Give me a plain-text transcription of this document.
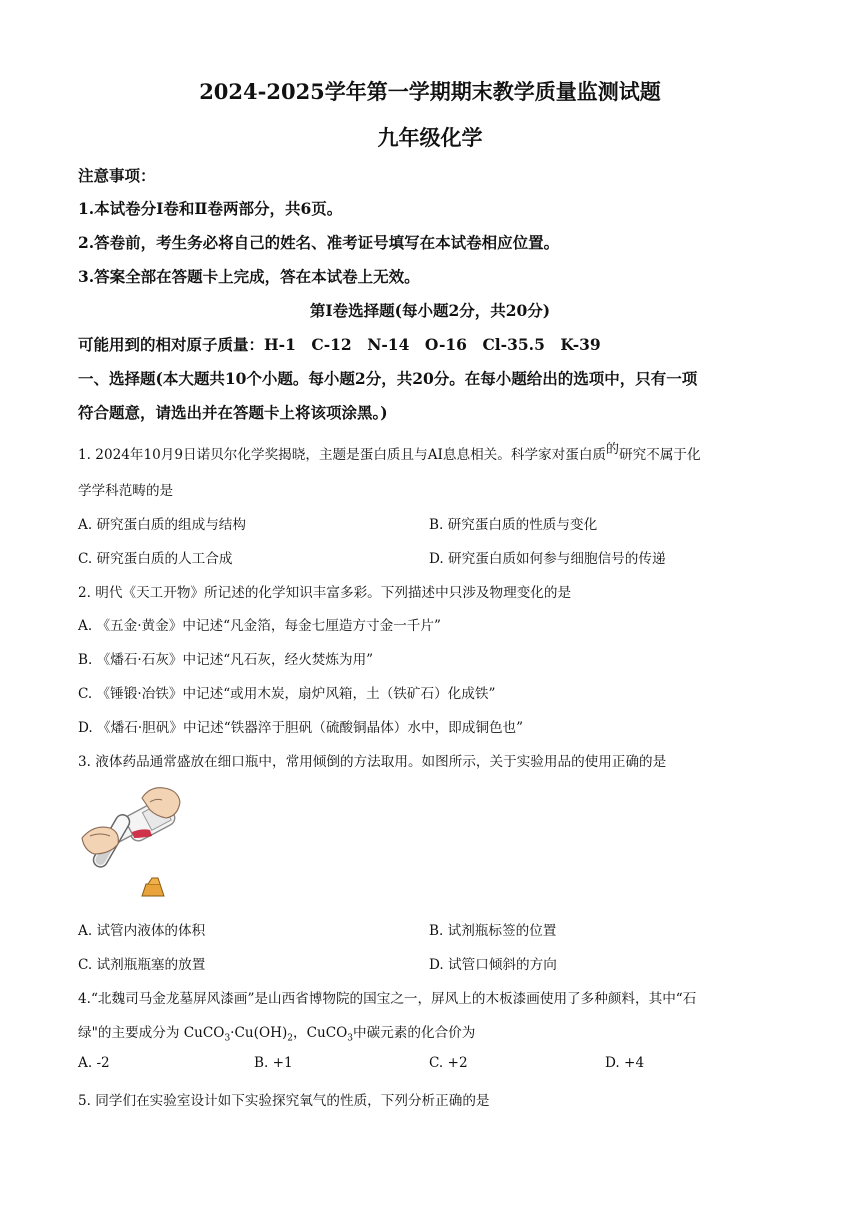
2024-2025学年第一学期期末教学质量监测试题
九年级化学
注意事项：
1.本试卷分Ⅰ卷和Ⅱ卷两部分，共6页。
2.答卷前，考生务必将自己的姓名、准考证号填写在本试卷相应位置。
3.答案全部在答题卡上完成，答在本试卷上无效。
第Ⅰ卷选择题(每小题2分，共20分)
可能用到的相对原子质量：H-1　C-12　N-14　O-16　Cl-35.5　K-39
一、选择题(本大题共10个小题。每小题2分，共20分。在每小题给出的选项中，只有一项
符合题意，请选出并在答题卡上将该项涂黑。)
1. 2024年10月9日诺贝尔化学奖揭晓，主题是蛋白质且与AI息息相关。科学家对蛋白质的研究不属于化
学学科范畴的是
A. 研究蛋白质的组成与结构	B. 研究蛋白质的性质与变化
C. 研究蛋白质的人工合成	D. 研究蛋白质如何参与细胞信号的传递
2. 明代《天工开物》所记述的化学知识丰富多彩。下列描述中只涉及物理变化的是
A. 《五金·黄金》中记述“凡金箔，每金七厘造方寸金一千片”
B. 《燔石·石灰》中记述“凡石灰，经火焚炼为用”
C. 《锤锻·冶铁》中记述“或用木炭，扇炉风箱，土（铁矿石）化成铁”
D. 《燔石·胆矾》中记述“铁器淬于胆矾（硫酸铜晶体）水中，即成铜色也”
3. 液体药品通常盛放在细口瓶中，常用倾倒的方法取用。如图所示，关于实验用品的使用正确的是
A. 试管内液体的体积	B. 试剂瓶标签的位置
C. 试剂瓶瓶塞的放置	D. 试管口倾斜的方向
4.“北魏司马金龙墓屏风漆画”是山西省博物院的国宝之一，屏风上的木板漆画使用了多种颜料，其中“石
绿"的主要成分为 $CuCO_3\cdot Cu(OH)_2$，CuCO$_3$中碳元素的化合价为
A. -2	B. +1	C. +2	D. +4
5. 同学们在实验室设计如下实验探究氧气的性质，下列分析正确的是
